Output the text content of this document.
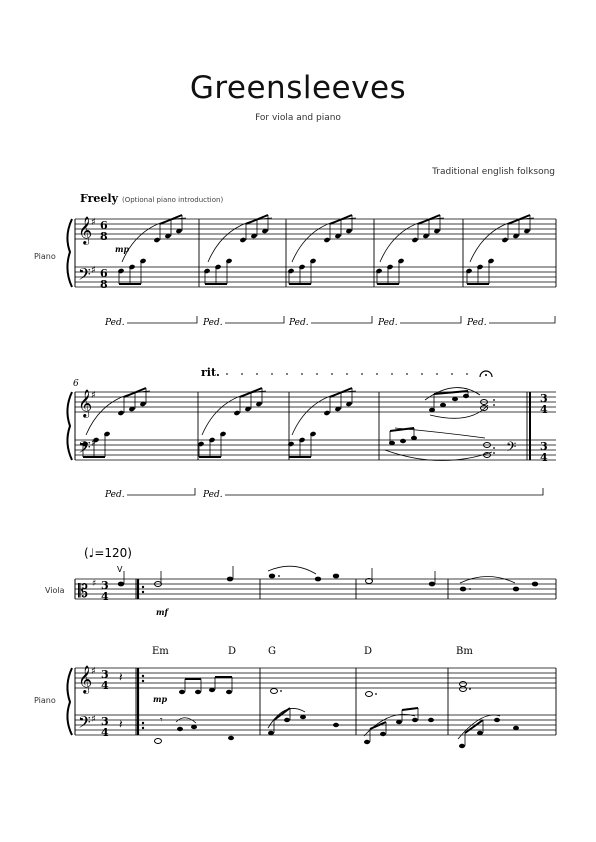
Greensleeves
For viola and piano
Traditional english folksong
Freely (Optional piano introduction)
Piano
𝄞
𝄢
♯
♯
6
8
6
8
mp
Ped.	Ped.	Ped.	Ped.	Ped.
6
rit.
𝄞
𝄢
♯
♯
3
4
3
4
𝄢
Ped.	Ped.
(♩=120)
V
Viola
Piano
𝄡
𝄞
𝄢
♯
♯
♯
3
4
3
4
3
4
mf
Em	D	G	D	Bm
𝄽
mp
𝄽	𝄾
